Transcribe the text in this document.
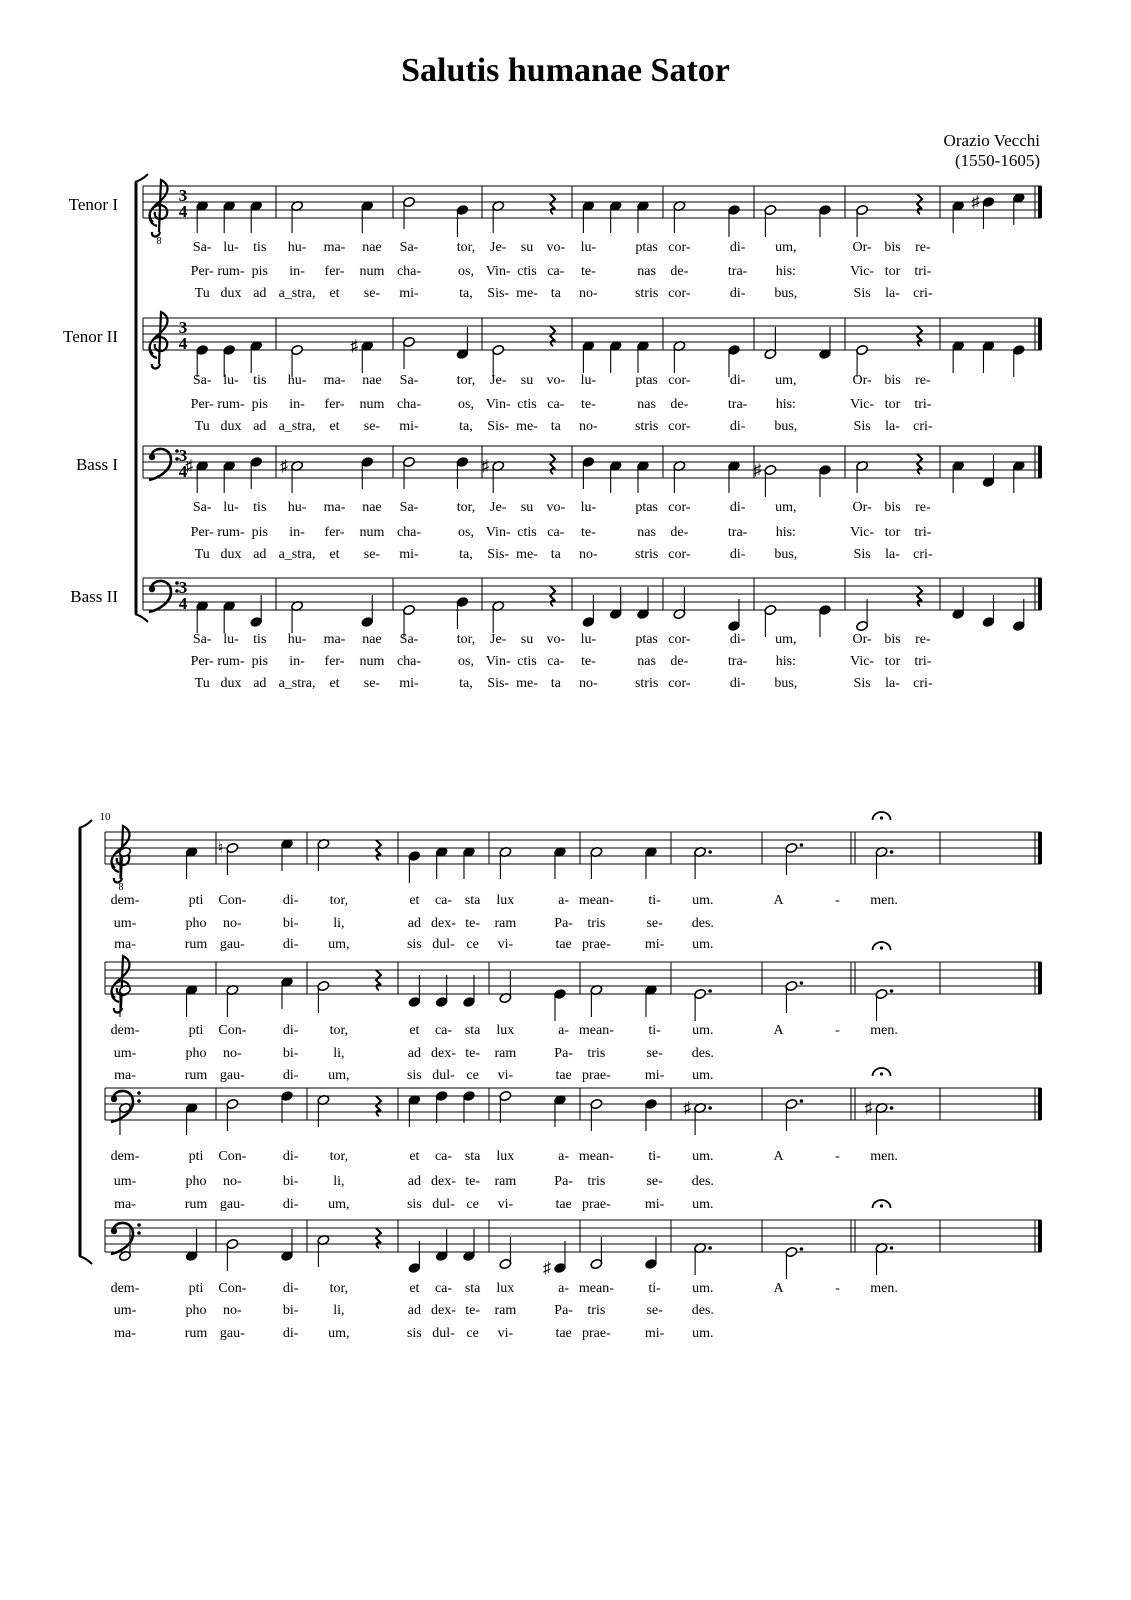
Salutis humanae Sator
Orazio Vecchi
(1550-1605)
Tenor I
8
3
4	♯
Sa- lu- tis hu- ma- nae Sa-	tor, Je- su vo- lu-	ptas cor-	di- um,	Or- bis re-
Per- rum- pis in- fer- num cha-	os, Vin- ctis ca- te-	nas de-	tra- his:	Vic- tor tri-
Tu dux ad a_stra, et se- mi-	ta, Sis- me- ta no-	stris cor-	di- bus,	Sis la- cri-
Tenor II	3
4	♯
Sa- lu- tis hu- ma- nae Sa-	tor, Je- su vo- lu-	ptas cor-	di- um,	Or- bis re-
Per- rum- pis in- fer- num cha-	os, Vin- ctis ca- te-	nas de-	tra- his:	Vic- tor tri-
Tu dux ad a_stra, et se- mi-	ta, Sis- me- ta no-	stris cor-	di- bus,	Sis la- cri-
Bass I	3
4
♯	♯	♯	♯
Sa- lu- tis hu- ma- nae Sa-	tor, Je- su vo- lu-	ptas cor-	di- um,	Or- bis re-
Per- rum- pis in- fer- num cha-	os, Vin- ctis ca- te-	nas de-	tra- his:	Vic- tor tri-
Tu dux ad a_stra, et se- mi-	ta, Sis- me- ta no-	stris cor-	di- bus,	Sis la- cri-
Bass II	3
4
Sa- lu- tis hu- ma- nae Sa-	tor, Je- su vo- lu-	ptas cor-	di- um,	Or- bis re-
Per- rum- pis in- fer- num cha-	os, Vin- ctis ca- te-	nas de-	tra- his:	Vic- tor tri-
Tu dux ad a_stra, et se- mi-	ta, Sis- me- ta no-	stris cor-	di- bus,	Sis la- cri-
10
8
♮
dem-	pti Con-	di- tor,	et ca- sta lux	a- mean- ti- um.	A	- men.
um-	pho no-	bi- li,	ad dex- te- ram	Pa- tris	se- des.
ma-	rum gau-	di- um,	sis dul- ce vi-	tae prae- mi- um.
dem-	pti Con-	di- tor,	et ca- sta lux	a- mean- ti- um.	A	- men.
um-	pho no-	bi- li,	ad dex- te- ram	Pa- tris	se- des.
ma-	rum gau-	di- um,	sis dul- ce vi-	tae prae- mi- um.
♯	♯
dem-	pti Con-	di- tor,	et ca- sta lux	a- mean- ti- um.	A	- men.
um-	pho no-	bi- li,	ad dex- te- ram	Pa- tris	se- des.
ma-	rum gau-	di- um,	sis dul- ce vi-	tae prae- mi- um.
♯
dem-	pti Con-	di- tor,	et ca- sta lux	a- mean- ti- um.	A	- men.
um-	pho no-	bi- li,	ad dex- te- ram	Pa- tris	se- des.
ma-	rum gau-	di- um,	sis dul- ce vi-	tae prae- mi- um.
